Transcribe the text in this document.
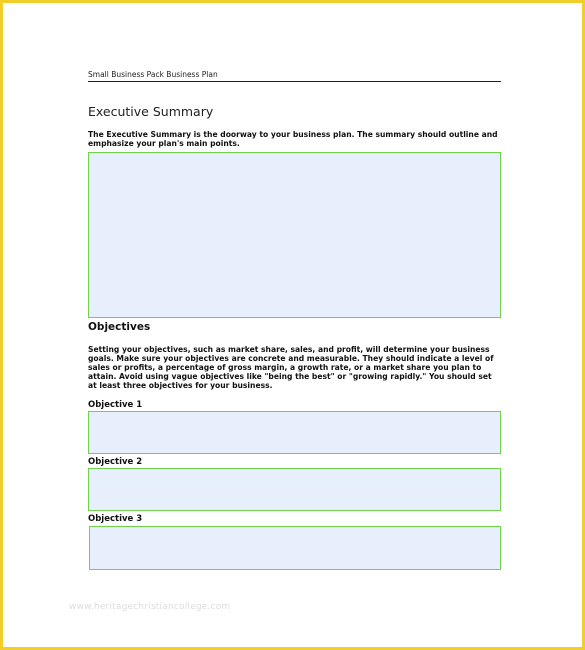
Small Business Pack Business Plan
Executive Summary
The Executive Summary is the doorway to your business plan. The summary should outline and emphasize your plan's main points.
Objectives
Setting your objectives, such as market share, sales, and profit, will determine your business goals. Make sure your objectives are concrete and measurable. They should indicate a level of sales or profits, a percentage of gross margin, a growth rate, or a market share you plan to attain. Avoid using vague objectives like "being the best" or "growing rapidly." You should set at least three objectives for your business.
Objective 1
Objective 2
Objective 3
www.heritagechristiancollege.com
